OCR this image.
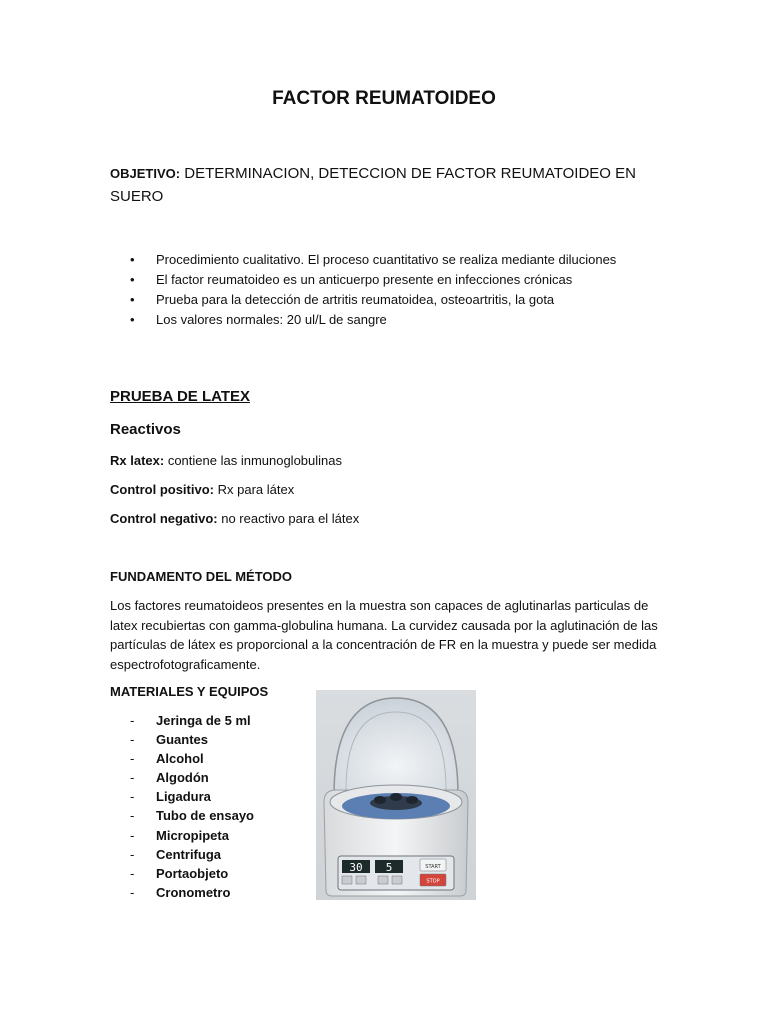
FACTOR REUMATOIDEO
OBJETIVO: DETERMINACION, DETECCION DE FACTOR REUMATOIDEO EN SUERO
• Procedimiento cualitativo. El proceso cuantitativo se realiza mediante diluciones
• El factor reumatoideo es un anticuerpo presente en infecciones crónicas
• Prueba para la detección de artritis reumatoidea, osteoartritis, la gota
• Los valores normales: 20 ul/L de sangre
PRUEBA DE LATEX
Reactivos
Rx latex: contiene las inmunoglobulinas
Control positivo: Rx para látex
Control negativo: no reactivo para el látex
FUNDAMENTO DEL MÉTODO
Los factores reumatoideos presentes en la muestra son capaces de aglutinarlas particulas de latex recubiertas con gamma-globulina humana. La curvidez causada por la aglutinación de las partículas de látex es proporcional a la concentración de FR en la muestra y puede ser medida espectrofotograficamente.
MATERIALES Y EQUIPOS
- Jeringa de 5 ml
- Guantes
- Alcohol
- Algodón
- Ligadura
- Tubo de ensayo
- Micropipeta
- Centrifuga
- Portaobjeto
- Cronometro
30 5	START
STOP
